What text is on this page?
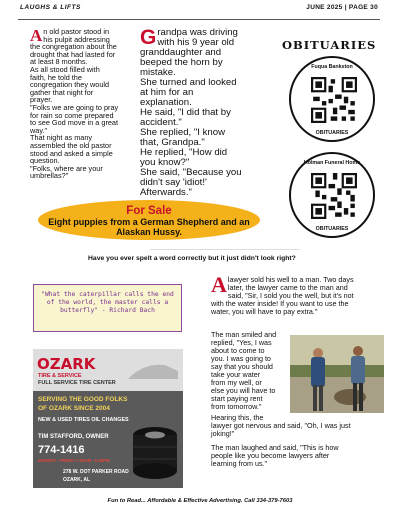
LAUGHS & LIFTS	JUNE 2025 | PAGE 30
A n old pastor stood in
his pulpit addressing
the congregation about the
drought that had lasted for
at least 8 months.
As all stood filled with
faith, he told the
congregation they would
gather that night for
prayer.
"Folks we are going to pray
for rain so come prepared
to see God move in a great
way."
That night as many
assembled the old pastor
stood and asked a simple
question.
"Folks, where are your
umbrellas?"
G randpa was driving
with his 9 year old
granddaughter and
beeped the horn by
mistake.
She turned and looked
at him for an
explanation.
He said, "I did that by
accident."
She replied, "I know
that, Grandpa."
He replied, "How did
you know?"
She said, "Because you
didn't say 'idiot!'
Afterwards."
OBITUARIES
Fuqua Bankston
OBITUARIES
Holman Funeral Home
OBITUARIES
For Sale
Eight puppies from a German Shepherd and an Alaskan Hussy.
Have you ever spelt a word correctly but it just didn't look right?
"What the caterpillar calls the end of the world, the master calls a butterfly" - Richard Bach
OZARK
TIRE & SERVICE
FULL SERVICE TIRE CENTER
SERVING THE GOOD FOLKS
OF OZARK SINCE 2004
NEW & USED TIRES OIL CHANGES
TIM STAFFORD, OWNER
774-1416
MONDAY - FRIDAY 7:30AM - 5:30PM
278 W. DOT PARKER ROAD
OZARK, AL
A lawyer sold his well to a man. Two days
later, the lawyer came to the man and
said, "Sir, I sold you the well, but it's not
with the water inside! If you want to use the
water, you will have to pay extra."
The man smiled and
replied, "Yes, I was
about to come to
you. I was going to
say that you should
take your water
from my well, or
else you will have to
start paying rent
from tomorrow."
Hearing this, the
lawyer got nervous and said, "Oh, I was just
joking!"
The man laughed and said, "This is how
people like you become lawyers after
learning from us."
Fun to Read... Affordable & Effective Advertising. Call 334-379-7603
